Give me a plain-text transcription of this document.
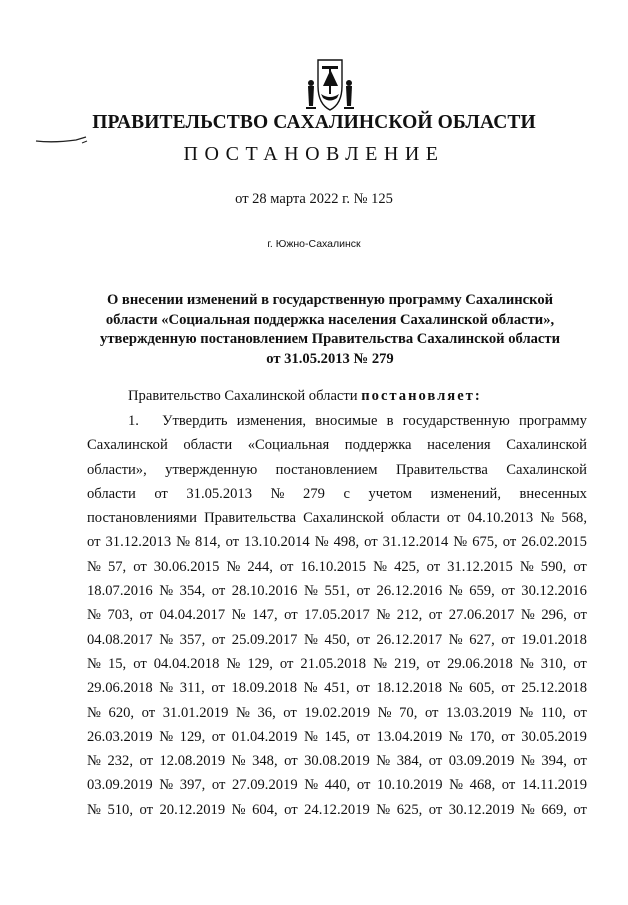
ПРАВИТЕЛЬСТВО САХАЛИНСКОЙ ОБЛАСТИ
ПОСТАНОВЛЕНИЕ
от 28 марта 2022 г. № 125
г. Южно-Сахалинск
О внесении изменений в государственную программу Сахалинской
области «Социальная поддержка населения Сахалинской области»,
утвержденную постановлением Правительства Сахалинской области
от 31.05.2013 № 279
Правительство Сахалинской области постановляет:
1. Утвердить изменения, вносимые в государственную программу
Сахалинской области «Социальная поддержка населения Сахалинской
области», утвержденную постановлением Правительства Сахалинской
области от 31.05.2013 № 279 с учетом изменений, внесенных
постановлениями Правительства Сахалинской области от 04.10.2013 № 568,
от 31.12.2013 № 814, от 13.10.2014 № 498, от 31.12.2014 № 675, от 26.02.2015
№ 57, от 30.06.2015 № 244, от 16.10.2015 № 425, от 31.12.2015 № 590, от
18.07.2016 № 354, от 28.10.2016 № 551, от 26.12.2016 № 659, от 30.12.2016
№ 703, от 04.04.2017 № 147, от 17.05.2017 № 212, от 27.06.2017 № 296, от
04.08.2017 № 357, от 25.09.2017 № 450, от 26.12.2017 № 627, от 19.01.2018
№ 15, от 04.04.2018 № 129, от 21.05.2018 № 219, от 29.06.2018 № 310, от
29.06.2018 № 311, от 18.09.2018 № 451, от 18.12.2018 № 605, от 25.12.2018
№ 620, от 31.01.2019 № 36, от 19.02.2019 № 70, от 13.03.2019 № 110, от
26.03.2019 № 129, от 01.04.2019 № 145, от 13.04.2019 № 170, от 30.05.2019
№ 232, от 12.08.2019 № 348, от 30.08.2019 № 384, от 03.09.2019 № 394, от
03.09.2019 № 397, от 27.09.2019 № 440, от 10.10.2019 № 468, от 14.11.2019
№ 510, от 20.12.2019 № 604, от 24.12.2019 № 625, от 30.12.2019 № 669, от
